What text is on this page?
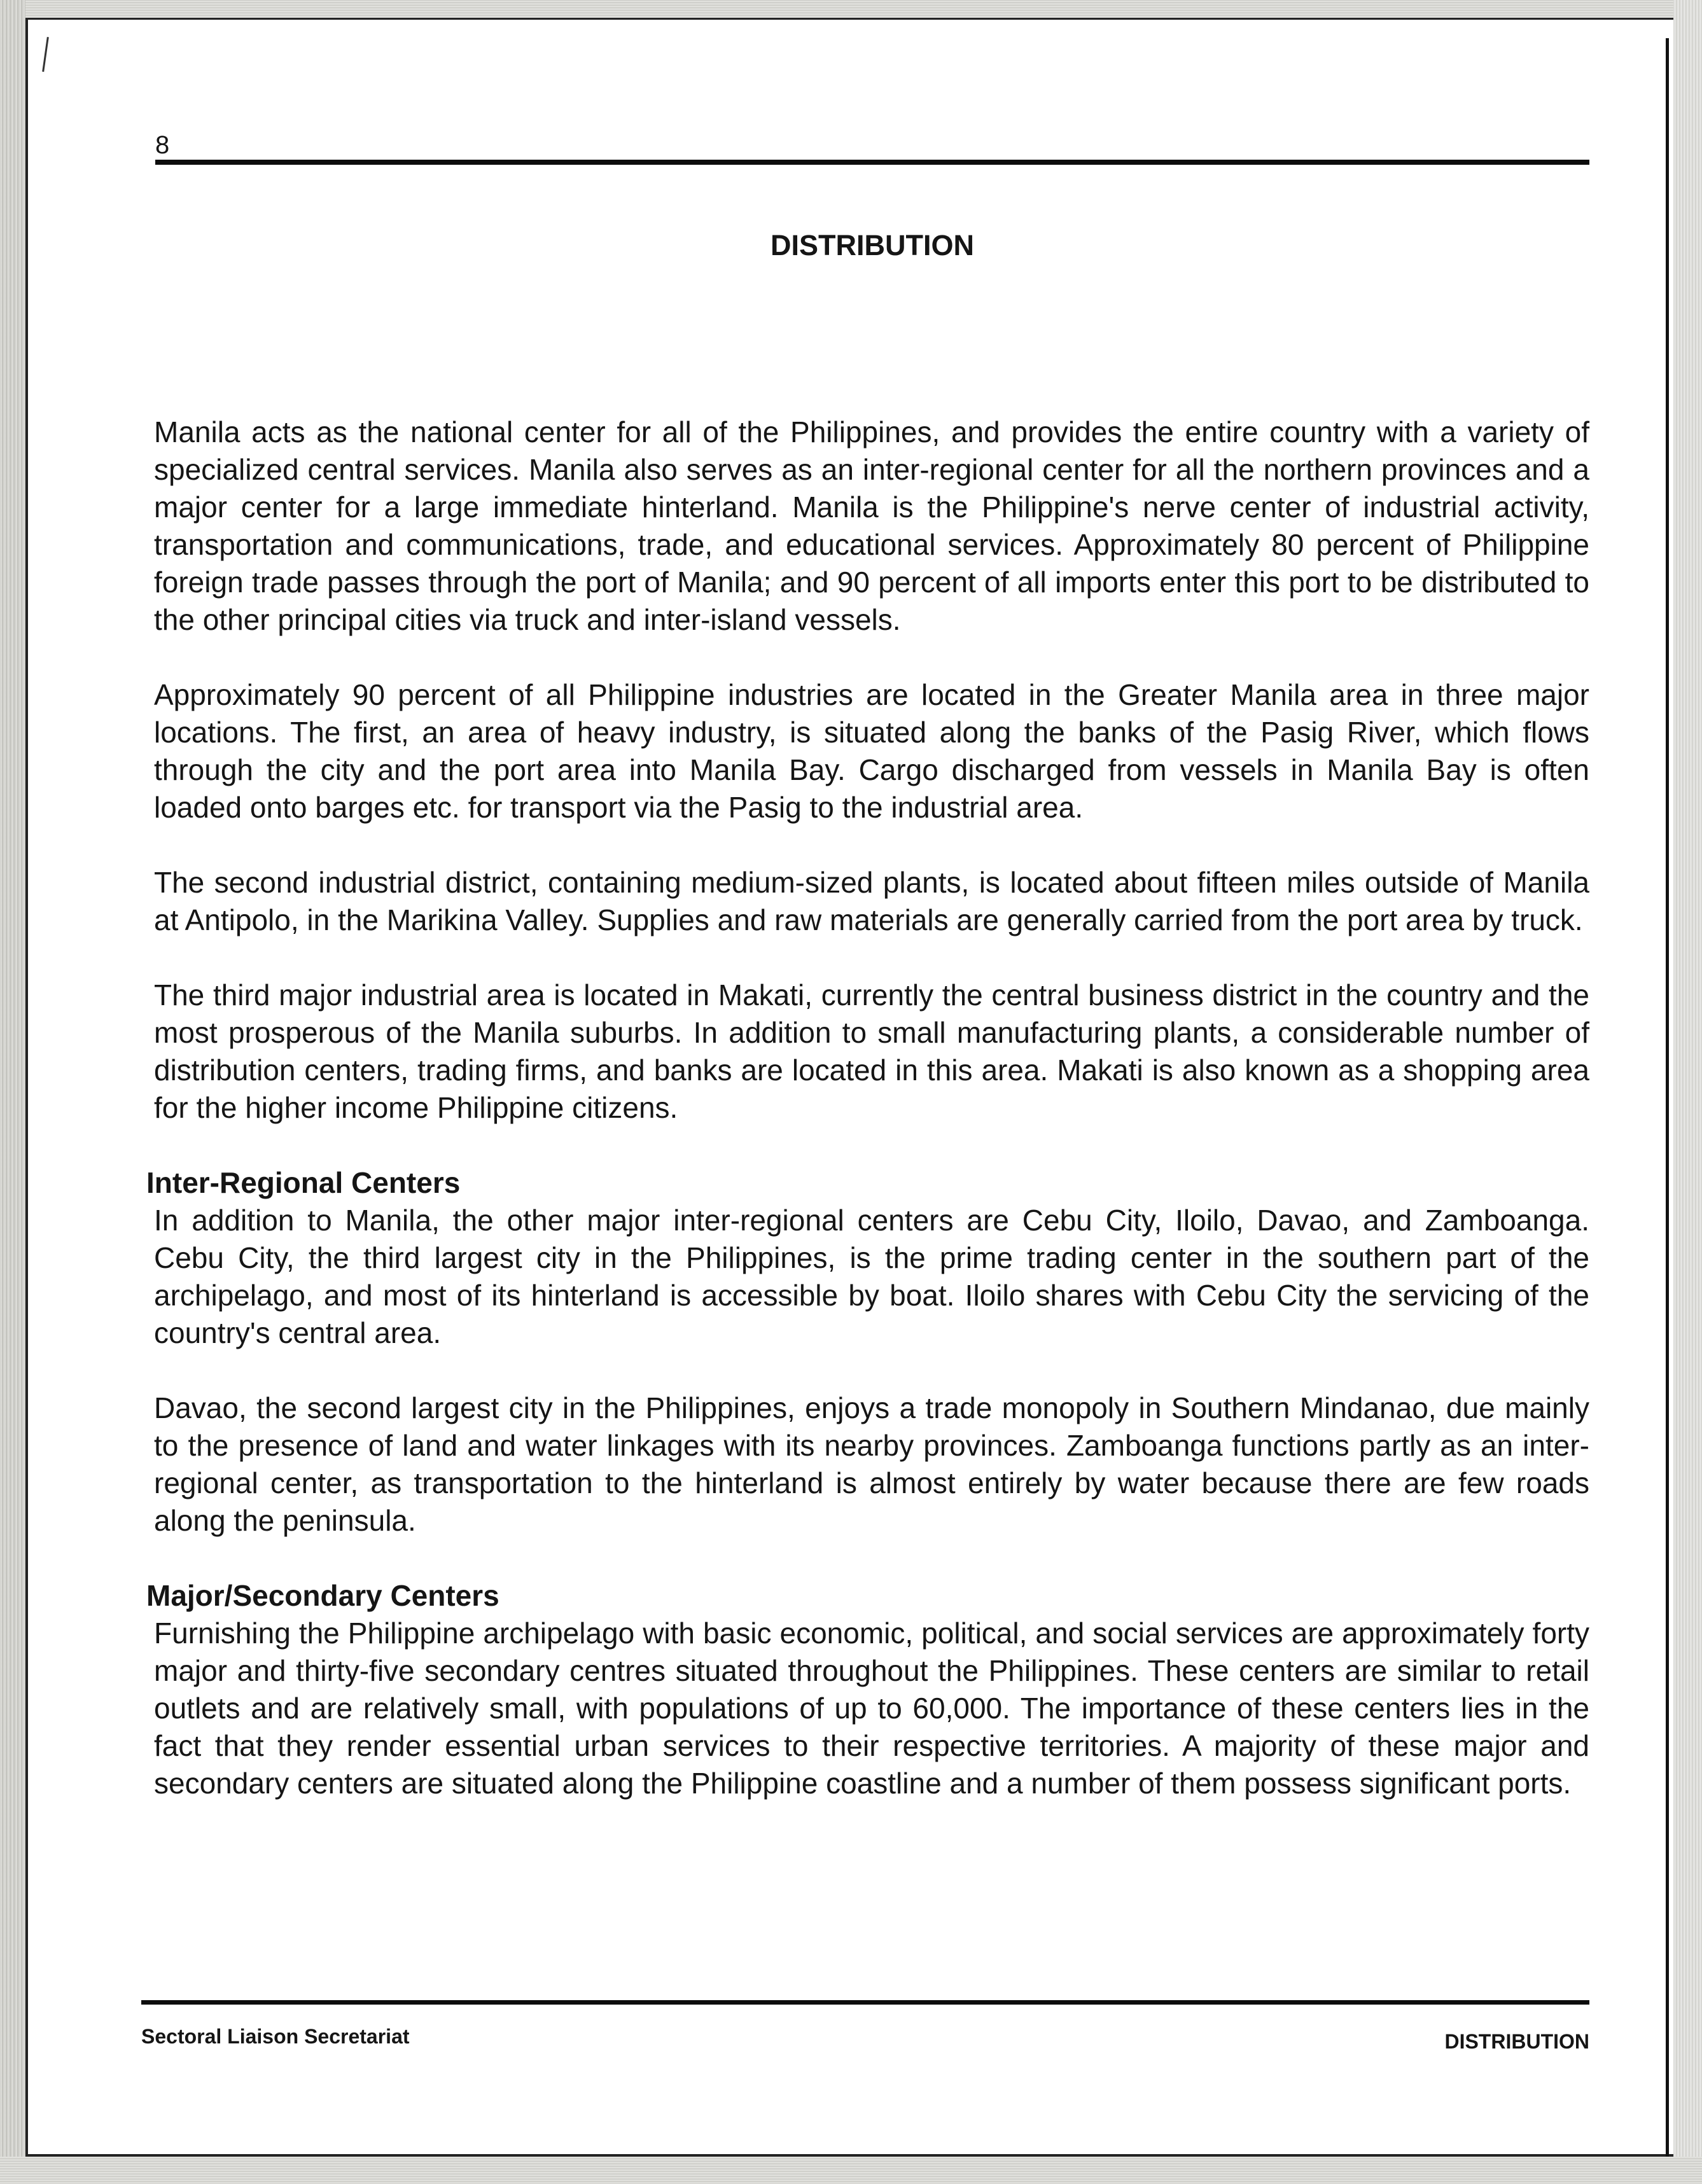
8
DISTRIBUTION

Manila acts as the national center for all of the Philippines, and provides the entire country with a variety of specialized central services. Manila also serves as an inter-regional center for all the northern provinces and a major center for a large immediate hinterland. Manila is the Philippine's nerve center of industrial activity, transportation and communications, trade, and educational services. Approximately 80 percent of Philippine foreign trade passes through the port of Manila; and 90 percent of all imports enter this port to be distributed to the other principal cities via truck and inter-island vessels.

Approximately 90 percent of all Philippine industries are located in the Greater Manila area in three major locations. The first, an area of heavy industry, is situated along the banks of the Pasig River, which flows through the city and the port area into Manila Bay. Cargo discharged from vessels in Manila Bay is often loaded onto barges etc. for transport via the Pasig to the industrial area.

The second industrial district, containing medium-sized plants, is located about fifteen miles outside of Manila at Antipolo, in the Marikina Valley. Supplies and raw materials are generally carried from the port area by truck.

The third major industrial area is located in Makati, currently the central business district in the country and the most prosperous of the Manila suburbs. In addition to small manufacturing plants, a considerable number of distribution centers, trading firms, and banks are located in this area. Makati is also known as a shopping area for the higher income Philippine citizens.

Inter-Regional Centers

In addition to Manila, the other major inter-regional centers are Cebu City, Iloilo, Davao, and Zamboanga. Cebu City, the third largest city in the Philippines, is the prime trading center in the southern part of the archipelago, and most of its hinterland is accessible by boat. Iloilo shares with Cebu City the servicing of the country's central area.

Davao, the second largest city in the Philippines, enjoys a trade monopoly in Southern Mindanao, due mainly to the presence of land and water linkages with its nearby provinces. Zamboanga functions partly as an inter-regional center, as transportation to the hinterland is almost entirely by water because there are few roads along the peninsula.

Major/Secondary Centers

Furnishing the Philippine archipelago with basic economic, political, and social services are approximately forty major and thirty-five secondary centres situated throughout the Philippines. These centers are similar to retail outlets and are relatively small, with populations of up to 60,000. The importance of these centers lies in the fact that they render essential urban services to their respective territories. A majority of these major and secondary centers are situated along the Philippine coastline and a number of them possess significant ports.

Sectoral Liaison Secretariat	DISTRIBUTION
